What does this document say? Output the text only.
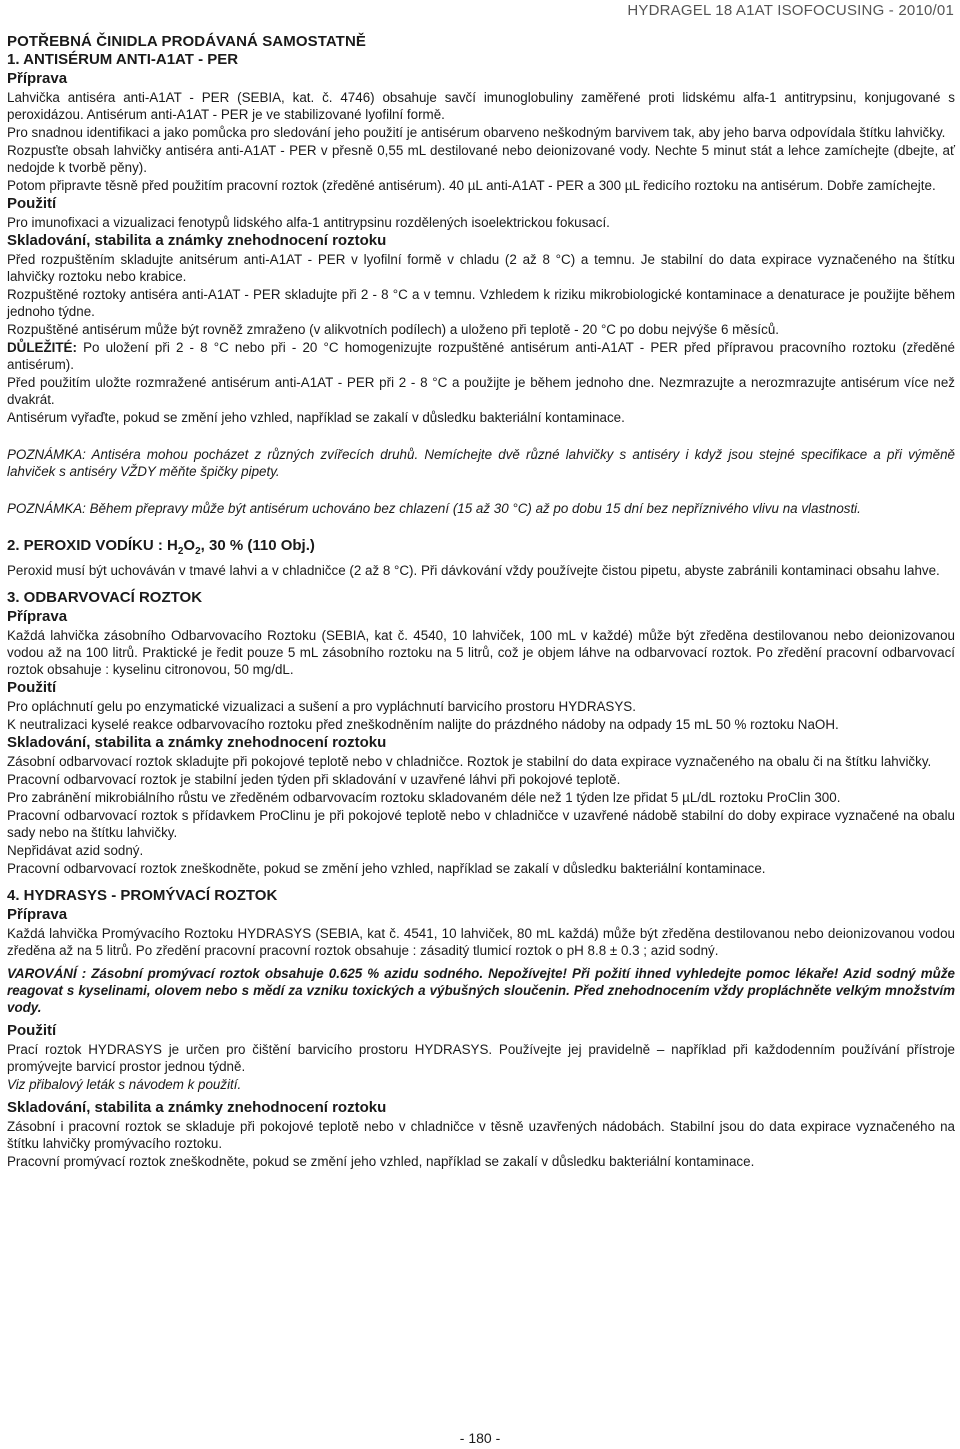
HYDRAGEL 18 A1AT ISOFOCUSING - 2010/01

POTŘEBNÁ ČINIDLA PRODÁVANÁ SAMOSTATNĚ

1. ANTISÉRUM ANTI-A1AT - PER

Příprava

Lahvička antiséra anti-A1AT - PER (SEBIA, kat. č. 4746) obsahuje savčí imunoglobuliny zaměřené proti lidskému alfa-1 antitrypsinu, konjugované s peroxidázou. Antisérum anti-A1AT - PER je ve stabilizované lyofilní formě.

Pro snadnou identifikaci a jako pomůcka pro sledování jeho použití je antisérum obarveno neškodným barvivem tak, aby jeho barva odpovídala štítku lahvičky.

Rozpusťte obsah lahvičky antiséra anti-A1AT - PER v přesně 0,55 mL destilované nebo deionizované vody. Nechte 5 minut stát a lehce zamíchejte (dbejte, ať nedojde k tvorbě pěny).

Potom připravte těsně před použitím pracovní roztok (zředěné antisérum). 40 µL anti-A1AT - PER a 300 µL ředicího roztoku na antisérum. Dobře zamíchejte.

Použití

Pro imunofixaci a vizualizaci fenotypů lidského alfa-1 antitrypsinu rozdělených isoelektrickou fokusací.

Skladování, stabilita a známky znehodnocení roztoku

Před rozpuštěním skladujte anitsérum anti-A1AT - PER v lyofilní formě v chladu (2 až 8 °C) a temnu. Je stabilní do data expirace vyznačeného na štítku lahvičky roztoku nebo krabice.

Rozpuštěné roztoky antiséra anti-A1AT - PER skladujte při 2 - 8 °C a v temnu. Vzhledem k riziku mikrobiologické kontaminace a denaturace je použijte během jednoho týdne.

Rozpuštěné antisérum může být rovněž zmraženo (v alikvotních podílech) a uloženo při teplotě - 20 °C po dobu nejvýše 6 měsíců.

DŮLEŽITÉ: Po uložení při 2 - 8 °C nebo při - 20 °C homogenizujte rozpuštěné antisérum anti-A1AT - PER před přípravou pracovního roztoku (zředěné antisérum).

Před použitím uložte rozmražené antisérum anti-A1AT - PER při 2 - 8 °C a použijte je během jednoho dne. Nezmrazujte a nerozmrazujte antisérum více než dvakrát.

Antisérum vyřaďte, pokud se změní jeho vzhled, například se zakalí v důsledku bakteriální kontaminace.

POZNÁMKA: Antiséra mohou pocházet z různých zvířecích druhů. Nemíchejte dvě různé lahvičky s antiséry i když jsou stejné specifikace a při výměně lahviček s antiséry VŽDY měňte špičky pipety.

POZNÁMKA: Během přepravy může být antisérum uchováno bez chlazení (15 až 30 °C) až po dobu 15 dní bez nepříznivého vlivu na vlastnosti.

2. PEROXID VODÍKU : $H_2O_2$, 30 % (110 Obj.)

Peroxid musí být uchováván v tmavé lahvi a v chladničce (2 až 8 °C). Při dávkování vždy používejte čistou pipetu, abyste zabránili kontaminaci obsahu lahve.

3. ODBARVOVACÍ ROZTOK

Příprava

Každá lahvička zásobního Odbarvovacího Roztoku (SEBIA, kat č. 4540, 10 lahviček, 100 mL v každé) může být zředěna destilovanou nebo deionizovanou vodou až na 100 litrů. Praktické je ředit pouze 5 mL zásobního roztoku na 5 litrů, což je objem láhve na odbarvovací roztok. Po zředění pracovní odbarvovací roztok obsahuje : kyselinu citronovou, 50 mg/dL.

Použití

Pro opláchnutí gelu po enzymatické vizualizaci a sušení a pro vypláchnutí barvicího prostoru HYDRASYS.

K neutralizaci kyselé reakce odbarvovacího roztoku před zneškodněním nalijte do prázdného nádoby na odpady 15 mL 50 % roztoku NaOH.

Skladování, stabilita a známky znehodnocení roztoku

Zásobní odbarvovací roztok skladujte při pokojové teplotě nebo v chladničce. Roztok je stabilní do data expirace vyznačeného na obalu či na štítku lahvičky.

Pracovní odbarvovací roztok je stabilní jeden týden při skladování v uzavřené láhvi při pokojové teplotě.

Pro zabránění mikrobiálního růstu ve zředěném odbarvovacím roztoku skladovaném déle než 1 týden lze přidat 5 µL/dL roztoku ProClin 300.

Pracovní odbarvovací roztok s přídavkem ProClinu je při pokojové teplotě nebo v chladničce v uzavřené nádobě stabilní do doby expirace vyznačené na obalu sady nebo na štítku lahvičky.

Nepřidávat azid sodný.

Pracovní odbarvovací roztok zneškodněte, pokud se změní jeho vzhled, například se zakalí v důsledku bakteriální kontaminace.

4. HYDRASYS - PROMÝVACÍ ROZTOK

Příprava

Každá lahvička Promývacího Roztoku HYDRASYS (SEBIA, kat č. 4541, 10 lahviček, 80 mL každá) může být zředěna destilovanou nebo deionizovanou vodou zředěna až na 5 litrů. Po zředění pracovní pracovní roztok obsahuje : zásaditý tlumicí roztok o pH 8.8 ± 0.3 ; azid sodný.

VAROVÁNÍ : Zásobní promývací roztok obsahuje 0.625 % azidu sodného. Nepožívejte! Při požití ihned vyhledejte pomoc lékaře! Azid sodný může reagovat s kyselinami, olovem nebo s mědí za vzniku toxických a výbušných sloučenin. Před znehodnocením vždy propláchněte velkým množstvím vody.

Použití

Prací roztok HYDRASYS je určen pro čištění barvicího prostoru HYDRASYS. Používejte jej pravidelně – například při každodenním používání přístroje promývejte barvicí prostor jednou týdně.

Viz přibalový leták s návodem k použití.

Skladování, stabilita a známky znehodnocení roztoku

Zásobní i pracovní roztok se skladuje při pokojové teplotě nebo v chladničce v těsně uzavřených nádobách. Stabilní jsou do data expirace vyznačeného na štítku lahvičky promývacího roztoku.

Pracovní promývací roztok zneškodněte, pokud se změní jeho vzhled, například se zakalí v důsledku bakteriální kontaminace.

- 180 -
